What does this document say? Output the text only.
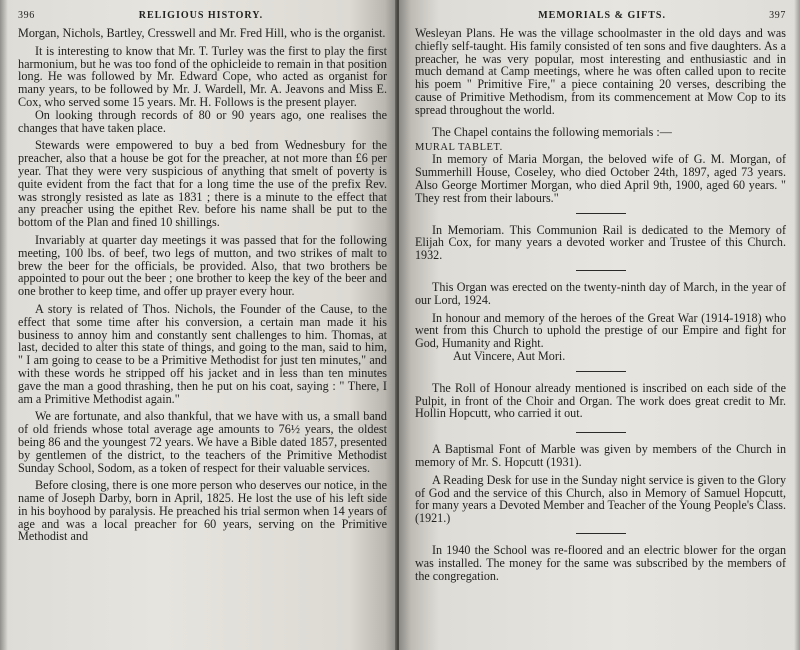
396	RELIGIOUS HISTORY.

Morgan, Nichols, Bartley, Cresswell and Mr. Fred Hill, who is the organist.

It is interesting to know that Mr. T. Turley was the first to play the first harmonium, but he was too fond of the ophicleide to remain in that position long. He was followed by Mr. Edward Cope, who acted as organist for many years, to be followed by Mr. J. Wardell, Mr. A. Jeavons and Miss E. Cox, who served some 15 years. Mr. H. Follows is the present player.

On looking through records of 80 or 90 years ago, one realises the changes that have taken place.

Stewards were empowered to buy a bed from Wednesbury for the preacher, also that a house be got for the preacher, at not more than £6 per year. That they were very suspicious of anything that smelt of poverty is quite evident from the fact that for a long time the use of the prefix Rev. was strongly resisted as late as 1831 ; there is a minute to the effect that any preacher using the epithet Rev. before his name shall be put to the bottom of the Plan and fined 10 shillings.

Invariably at quarter day meetings it was passed that for the following meeting, 100 lbs. of beef, two legs of mutton, and two strikes of malt to brew the beer for the officials, be provided. Also, that two brothers be appointed to pour out the beer ; one brother to keep the key of the beer and one brother to keep time, and offer up prayer every hour.

A story is related of Thos. Nichols, the Founder of the Cause, to the effect that some time after his conversion, a certain man made it his business to annoy him and constantly sent challenges to him. Thomas, at last, decided to alter this state of things, and going to the man, said to him, " I am going to cease to be a Primitive Methodist for just ten minutes," and with these words he stripped off his jacket and in less than ten minutes gave the man a good thrashing, then he put on his coat, saying : " There, I am a Primitive Methodist again."

We are fortunate, and also thankful, that we have with us, a small band of old friends whose total average age amounts to 76½ years, the oldest being 86 and the youngest 72 years. We have a Bible dated 1857, presented by gentlemen of the district, to the teachers of the Primitive Methodist Sunday School, Sodom, as a token of respect for their valuable services.

Before closing, there is one more person who deserves our notice, in the name of Joseph Darby, born in April, 1825. He lost the use of his left side in his boyhood by paralysis. He preached his trial sermon when 14 years of age and was a local preacher for 60 years, serving on the Primitive Methodist and

MEMORIALS & GIFTS.	397

Wesleyan Plans. He was the village schoolmaster in the old days and was chiefly self-taught. His family consisted of ten sons and five daughters. As a preacher, he was very popular, most interesting and enthusiastic and in much demand at Camp meetings, where he was often called upon to recite his poem " Primitive Fire," a piece containing 20 verses, describing the cause of Primitive Methodism, from its commencement at Mow Cop to its spread throughout the world.

The Chapel contains the following memorials :—

MURAL TABLET.

In memory of Maria Morgan, the beloved wife of G. M. Morgan, of Summerhill House, Coseley, who died October 24th, 1897, aged 73 years. Also George Mortimer Morgan, who died April 9th, 1900, aged 60 years. " They rest from their labours."

In Memoriam. This Communion Rail is dedicated to the Memory of Elijah Cox, for many years a devoted worker and Trustee of this Church. 1932.

This Organ was erected on the twenty-ninth day of March, in the year of our Lord, 1924.

In honour and memory of the heroes of the Great War (1914-1918) who went from this Church to uphold the prestige of our Empire and fight for God, Humanity and Right.

Aut Vincere, Aut Mori.

The Roll of Honour already mentioned is inscribed on each side of the Pulpit, in front of the Choir and Organ. The work does great credit to Mr. Hollin Hopcutt, who carried it out.

A Baptismal Font of Marble was given by members of the Church in memory of Mr. S. Hopcutt (1931).

A Reading Desk for use in the Sunday night service is given to the Glory of God and the service of this Church, also in Memory of Samuel Hopcutt, for many years a Devoted Member and Teacher of the Young People's Class. (1921.)

In 1940 the School was re-floored and an electric blower for the organ was installed. The money for the same was subscribed by the members of the congregation.
